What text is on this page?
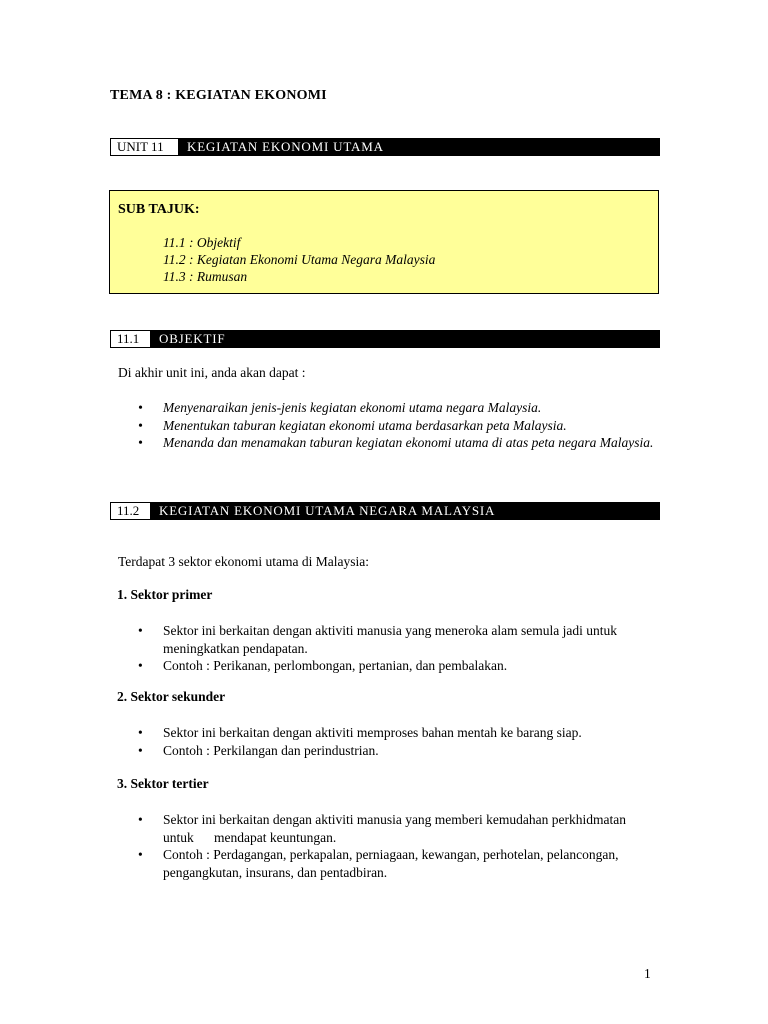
TEMA 8 : KEGIATAN EKONOMI
UNIT 11	KEGIATAN EKONOMI UTAMA
SUB TAJUK:
11.1 : Objektif
11.2 : Kegiatan Ekonomi Utama Negara Malaysia
11.3 : Rumusan
11.1	OBJEKTIF
Di akhir unit ini, anda akan dapat :
• Menyenaraikan jenis-jenis kegiatan ekonomi utama negara Malaysia.
• Menentukan taburan kegiatan ekonomi utama berdasarkan peta Malaysia.
• Menanda dan menamakan taburan kegiatan ekonomi utama di atas peta negara Malaysia.
11.2	KEGIATAN EKONOMI UTAMA NEGARA MALAYSIA
Terdapat 3 sektor ekonomi utama di Malaysia:
1. Sektor primer
• Sektor ini berkaitan dengan aktiviti manusia yang meneroka alam semula jadi untuk meningkatkan pendapatan.
• Contoh : Perikanan, perlombongan, pertanian, dan pembalakan.
2. Sektor sekunder
• Sektor ini berkaitan dengan aktiviti memproses bahan mentah ke barang siap.
• Contoh : Perkilangan dan perindustrian.
3. Sektor tertier
• Sektor ini berkaitan dengan aktiviti manusia yang memberi kemudahan perkhidmatan untuk      mendapat keuntungan.
• Contoh : Perdagangan, perkapalan, perniagaan, kewangan, perhotelan, pelancongan, pengangkutan, insurans, dan pentadbiran.
1
